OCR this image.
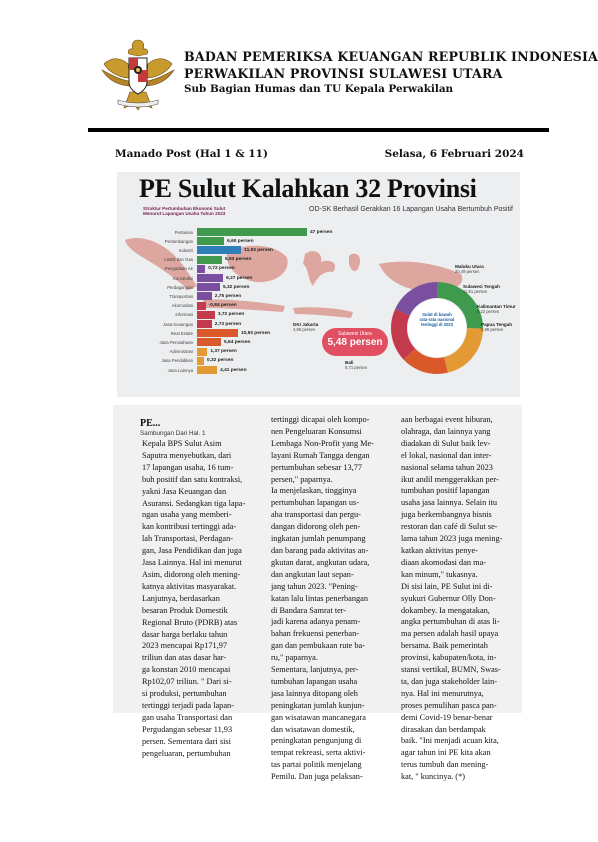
BADAN PEMERIKSA KEUANGAN REPUBLIK INDONESIA
PERWAKILAN PROVINSI SULAWESI UTARA
Sub Bagian Humas dan TU Kepala Perwakilan
Manado Post (Hal 1 & 11)	Selasa, 6 Februari 2024
PE Sulut Kalahkan 32 Provinsi
OD-SK Berhasil Gerakkan 16 Lapangan Usaha Bertumbuh Positif
Struktur Pertumbuhan Ekonomi Sulut Menurut Lapangan Usaha Tahun 2023
Pertanian	47 persen
Pertambangan	6,60 persen
Industri	11,93 persen
Listrik dan Gas	5,93 persen
Pengadaan Air	0,72 persen
Konstruksi	6,27 persen
Perdagangan	5,32 persen
Transportasi	2,75 persen
Akomodasi	-0,84 persen
Informasi	3,72 persen
Jasa Keuangan	2,73 persen
Real Estate	10,93 persen
Jasa Perusahaan	5,64 persen
Administrasi	1,37 persen
Jasa Pendidikan	0,32 persen
Jasa Lainnya	4,41 persen
Sulut di bawah rata-rata nasional tertinggi di 2023
Sulawesi Utara
5,48 persen
Maluku Utara
20,49 persen
Sulawesi Tengah
11,91 persen
Kalimantan Timur
6,22 persen
Papua Tengah
5,96 persen
DKI Jakarta
4,96 persen
Bali
5,71 persen
PE...
Sambungan Dari Hal. 1
Kepala BPS Sulut Asim
Saputra menyebutkan, dari
17 lapangan usaha, 16 tum-
buh positif dan satu kontraksi,
yakni Jasa Keuangan dan
Asuransi. Sedangkan tiga lapa-
ngan usaha yang memberi-
kan kontribusi tertinggi ada-
lah Transportasi, Perdagan-
gan, Jasa Pendidikan dan juga
Jasa Lainnya. Hal ini menurut
Asim, didorong oleh mening-
katnya aktivitas masyarakat.
Lanjutnya, berdasarkan
besaran Produk Domestik
Regional Bruto (PDRB) atas
dasar harga berlaku tahun
2023 mencapai Rp171,97
triliun dan atas dasar har-
ga konstan 2010 mencapai
Rp102,07 triliun. " Dari si-
si produksi, pertumbuhan
tertinggi terjadi pada lapan-
gan usaha Transportasi dan
Pergudangan sebesar 11,93
persen. Sementara dari sisi
pengeluaran, pertumbuhan
tertinggi dicapai oleh kompo-
nen Pengeluaran Konsumsi
Lembaga Non-Profit yang Me-
layani Rumah Tangga dengan
pertumbuhan sebesar 13,77
persen," paparnya.
Ia menjelaskan, tingginya
pertumbuhan lapangan us-
aha transportasi dan pergu-
dangan didorong oleh pen-
ingkatan jumlah penumpang
dan barang pada aktivitas an-
gkutan darat, angkutan udara,
dan angkutan laut sepan-
jang tahun 2023. "Pening-
katan lalu lintas penerbangan
di Bandara Samrat ter-
jadi karena adanya penam-
bahan frekuensi penerban-
gan dan pembukaan rute ba-
ru," paparnya.
Sementara, lanjutnya, per-
tumbuhan lapangan usaha
jasa lainnya ditopang oleh
peningkatan jumlah kunjun-
gan wisatawan mancanegara
dan wisatawan domestik,
peningkatan pengunjung di
tempat rekreasi, serta aktivi-
tas partai politik menjelang
Pemilu. Dan juga pelaksan-
aan berbagai event hiburan,
olahraga, dan lainnya yang
diadakan di Sulut baik lev-
el lokal, nasional dan inter-
nasional selama tahun 2023
ikut andil menggerakkan per-
tumbuhan positif lapangan
usaha jasa lainnya. Selain itu
juga berkembangnya bisnis
restoran dan café di Sulut se-
lama tahun 2023 juga mening-
katkan aktivitas penye-
diaan akomodasi dan ma-
kan minum," tukasnya.
Di sisi lain, PE Sulut ini di-
syukuri Gubernur Olly Don-
dokambey. Ia mengatakan,
angka pertumbuhan di atas li-
ma persen adalah hasil upaya
bersama. Baik pemerintah
provinsi, kabupaten/kota, in-
stansi vertikal, BUMN, Swas-
ta, dan juga stakeholder lain-
nya. Hal ini menurutnya,
proses pemulihan pasca pan-
demi Covid-19 benar-benar
dirasakan dan berdampak
baik. "Ini menjadi acuan kita,
agar tahun ini PE kita akan
terus tumbuh dan mening-
kat, " kuncinya. (*)
